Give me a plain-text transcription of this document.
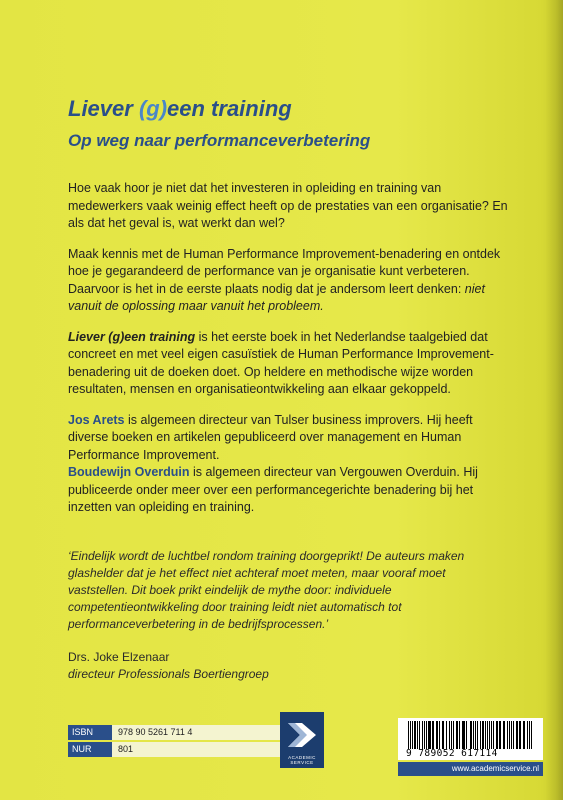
Liever (g)een training
Op weg naar performanceverbetering

Hoe vaak hoor je niet dat het investeren in opleiding en training van medewerkers vaak weinig effect heeft op de prestaties van een organisatie? En als dat het geval is, wat werkt dan wel?

Maak kennis met de Human Performance Improvement-benadering en ontdek hoe je gegarandeerd de performance van je organisatie kunt verbeteren. Daarvoor is het in de eerste plaats nodig dat je andersom leert denken: niet vanuit de oplossing maar vanuit het probleem.

Liever (g)een training is het eerste boek in het Nederlandse taalgebied dat concreet en met veel eigen casuïstiek de Human Performance Improvement-benadering uit de doeken doet. Op heldere en methodische wijze worden resultaten, mensen en organisatieontwikkeling aan elkaar gekoppeld.

Jos Arets is algemeen directeur van Tulser business improvers. Hij heeft diverse boeken en artikelen gepubliceerd over management en Human Performance Improvement.
Boudewijn Overduin is algemeen directeur van Vergouwen Overduin. Hij publiceerde onder meer over een performancegerichte benadering bij het inzetten van opleiding en training.

‘Eindelijk wordt de luchtbel rondom training doorgeprikt! De auteurs maken glashelder dat je het effect niet achteraf moet meten, maar vooraf moet vaststellen. Dit boek prikt eindelijk de mythe door: individuele competentieontwikkeling door training leidt niet automatisch tot performanceverbetering in de bedrijfsprocessen.’
Drs. Joke Elzenaar
directeur Professionals Boertiengroep
ISBN	978 90 5261 711 4
NUR	801
ACADEMIC SERVICE
9 789052 617114
www.academicservice.nl
